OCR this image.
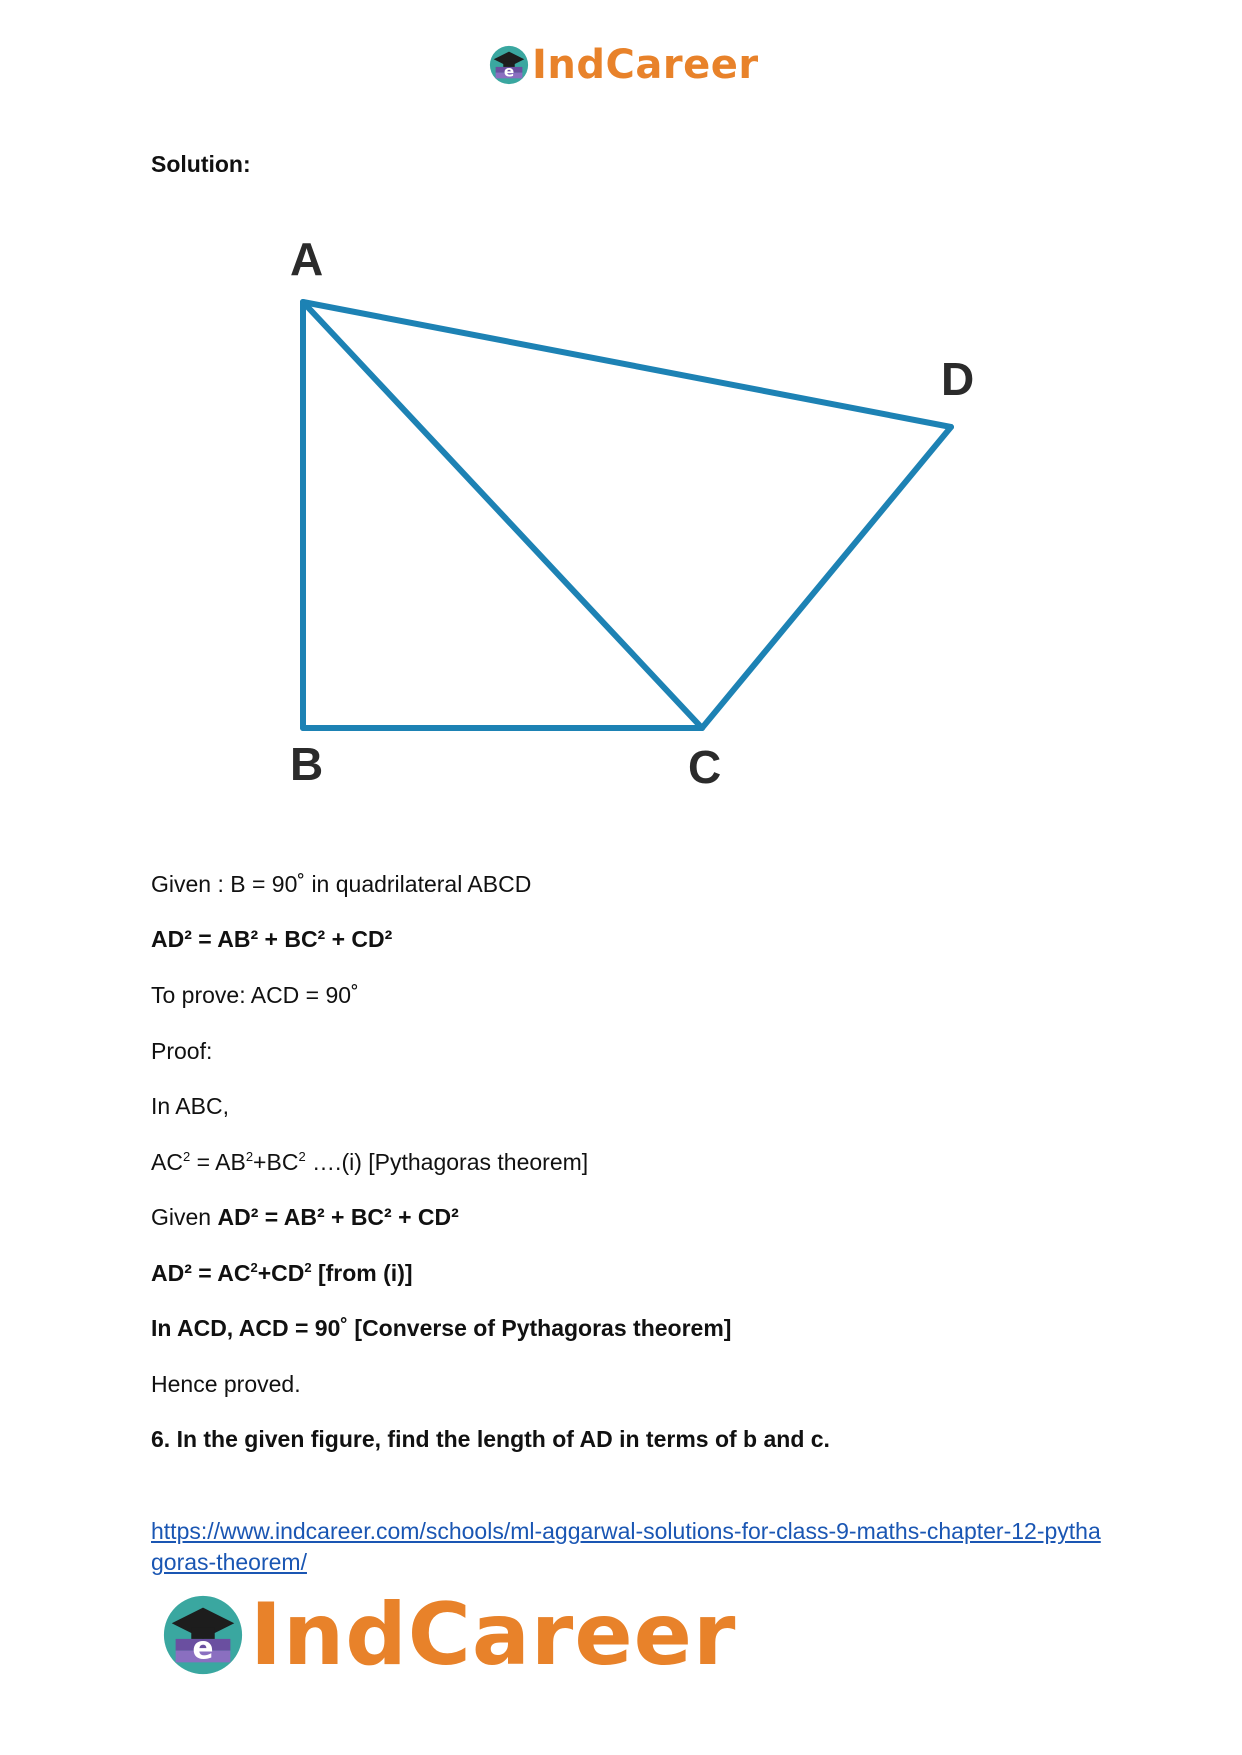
e IndCareer
Solution:
A
B	C
D
Given : B = 90˚ in quadrilateral ABCD
AD² = AB² + BC² + CD²
To prove: ACD = 90˚
Proof:
In ABC,
$AC^2 = AB^2+BC^2$ ….(i) [Pythagoras theorem]
Given AD² = AB² + BC² + CD²
$AD^2 = AC^2+CD^2$ [from (i)]
In ACD, ACD = 90˚ [Converse of Pythagoras theorem]
Hence proved.
6. In the given figure, find the length of AD in terms of b and c.
https://www.indcareer.com/schools/ml-aggarwal-solutions-for-class-9-maths-chapter-12-pythagoras-theorem/
e IndCareer
